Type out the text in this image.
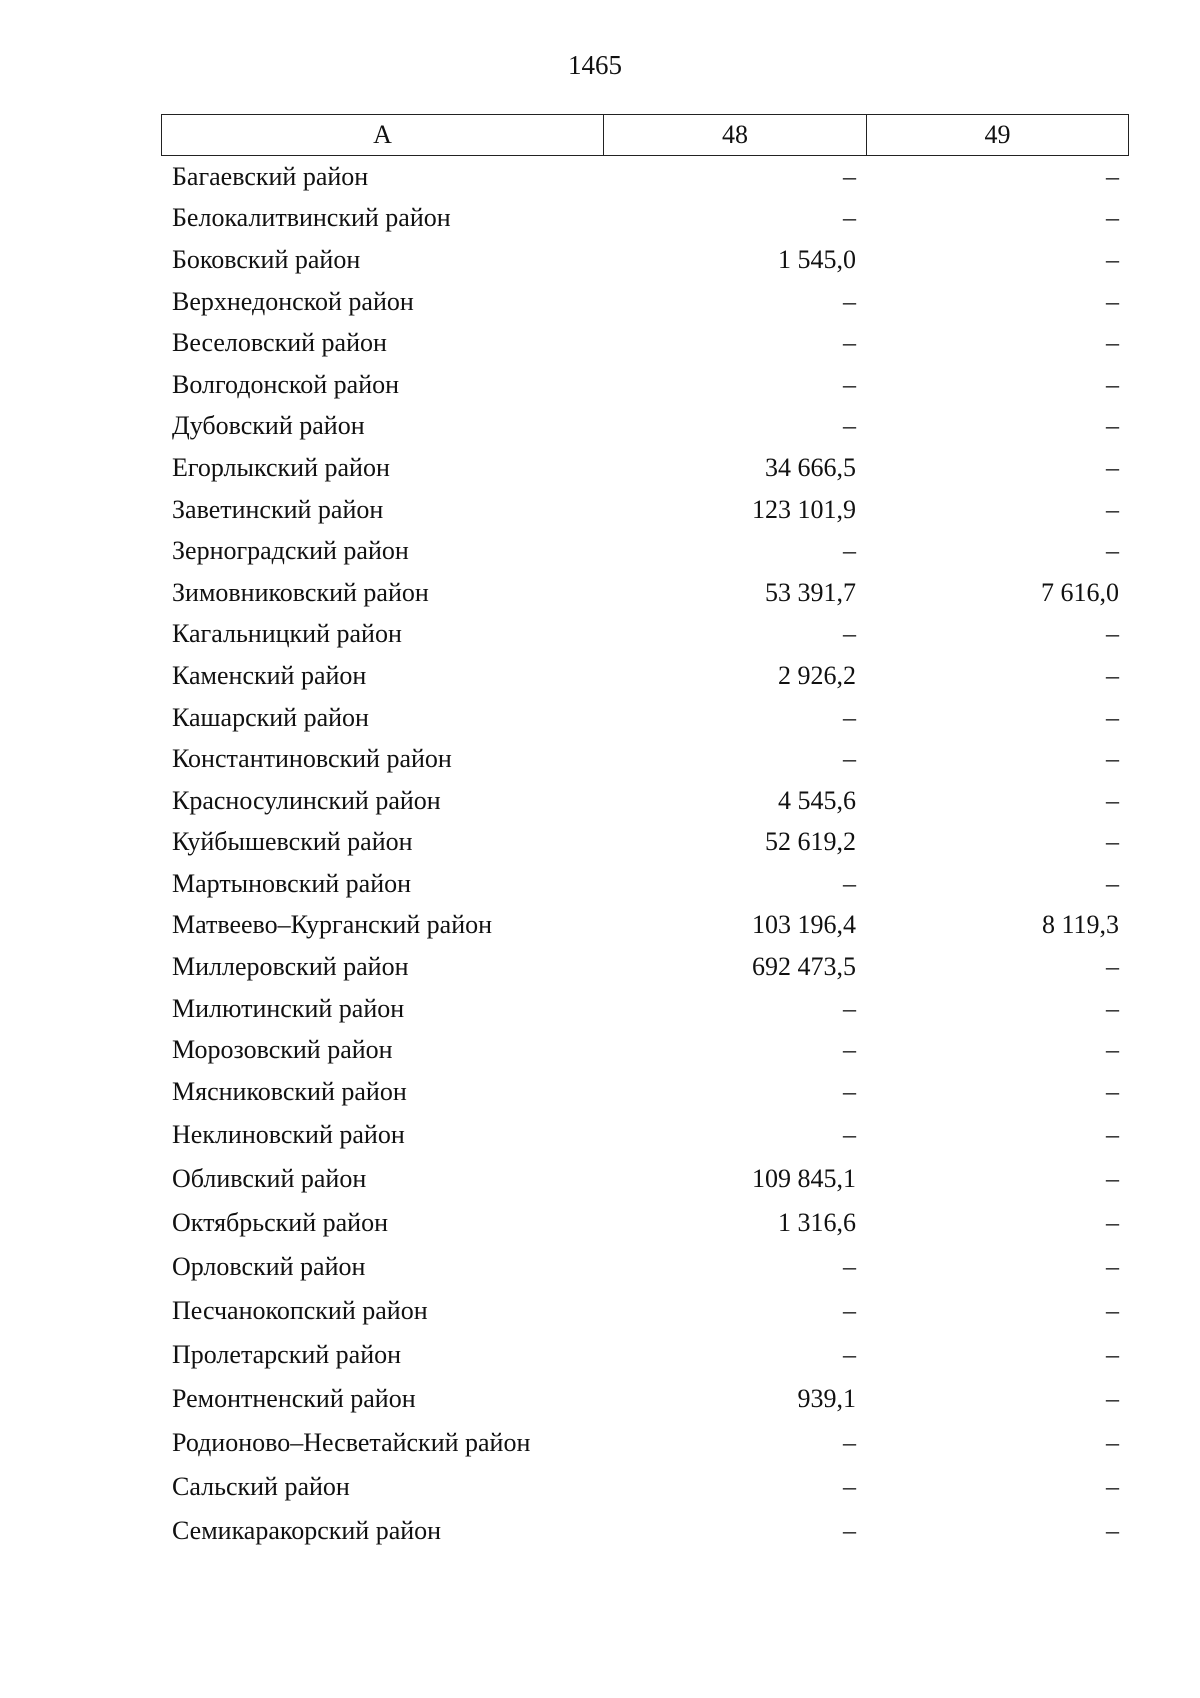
1465
А	48	49
Багаевский район	–	–
Белокалитвинский район	–	–
Боковский район	1 545,0	–
Верхнедонской район	–	–
Веселовский район	–	–
Волгодонской район	–	–
Дубовский район	–	–
Егорлыкский район	34 666,5	–
Заветинский район	123 101,9	–
Зерноградский район	–	–
Зимовниковский район	53 391,7	7 616,0
Кагальницкий район	–	–
Каменский район	2 926,2	–
Кашарский район	–	–
Константиновский район	–	–
Красносулинский район	4 545,6	–
Куйбышевский район	52 619,2	–
Мартыновский район	–	–
Матвеево–Курганский район	103 196,4	8 119,3
Миллеровский район	692 473,5	–
Милютинский район	–	–
Морозовский район	–	–
Мясниковский район	–	–
Неклиновский район	–	–
Обливский район	109 845,1	–
Октябрьский район	1 316,6	–
Орловский район	–	–
Песчанокопский район	–	–
Пролетарский район	–	–
Ремонтненский район	939,1	–
Родионово–Несветайский район	–	–
Сальский район	–	–
Семикаракорский район	–	–
